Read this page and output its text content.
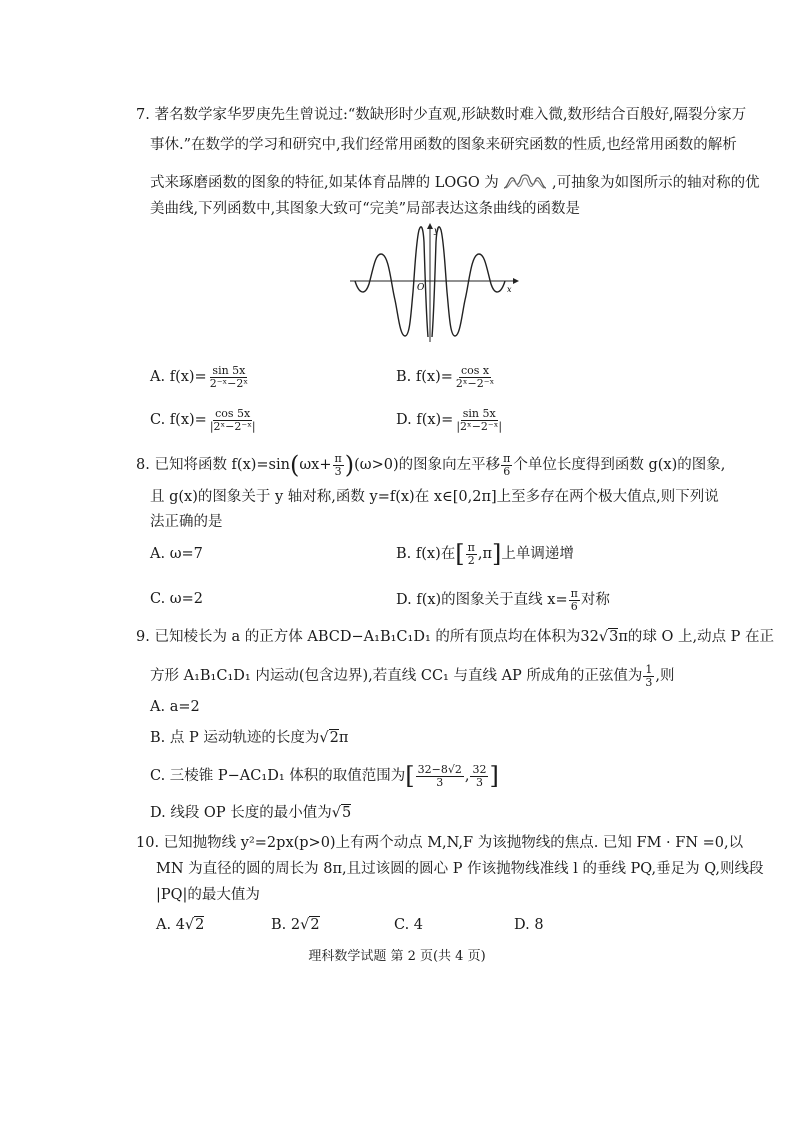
7. 著名数学家华罗庚先生曾说过:“数缺形时少直观,形缺数时难入微,数形结合百般好,隔裂分家万
事休.”在数学的学习和研究中,我们经常用函数的图象来研究函数的性质,也经常用函数的解析
式来琢磨函数的图象的特征,如某体育品牌的 LOGO 为	,可抽象为如图所示的轴对称的优
美曲线,下列函数中,其图象大致可“完美”局部表达这条曲线的函数是
x
y
O
A. $f(x)= \frac{\sin 5x}{\text{2⁻ˣ−2ˣ}}$	B. $f(x)= \frac{\text{cos x}}{\text{2ˣ−2⁻ˣ}}$
C. $f(x)= \frac{\cos 5x}{\text{|2ˣ−2⁻ˣ|}}$	D. $f(x)= \frac{\sin 5x}{\text{|2ˣ−2⁻ˣ|}}$
8. 已知将函数 $f(x)=\sin(\omega x+ \frac{\pi}{3} )(\omega>0)$的图象向左平移 $\frac{\pi}{6}$ 个单位长度得到函数 g(x)的图象,
且 g(x)的图象关于 y 轴对称,函数 y=f(x)在 x∈[0,2π]上至多存在两个极大值点,则下列说
法正确的是
A. ω=7	B. f(x)在[ $\frac{\pi}{2} ,\pi$]上单调递增
C. ω=2	D. f(x)的图象关于直线 $x= \frac{\pi}{6}$ 对称
9. 已知棱长为 a 的正方体 ABCD−A₁B₁C₁D₁ 的所有顶点均在体积为32√3π的球 O 上,动点 P 在正
方形 A₁B₁C₁D₁ 内运动(包含边界),若直线 CC₁ 与直线 AP 所成角的正弦值为 $\frac{1}{3}$ ,则
A. a=2
B. 点 P 运动轨迹的长度为√2π
C. 三棱锥 P−AC₁D₁ 体积的取值范围为[ $\frac{32-8√2}{3}$ , $\frac{32}{3}$ ]
D. 线段 OP 长度的最小值为√5
10. 已知抛物线 y²=2px(p>0)上有两个动点 M,N,F 为该抛物线的焦点. 已知 FM · FN =0,以
MN 为直径的圆的周长为 8π,且过该圆的圆心 P 作该抛物线准线 l 的垂线 PQ,垂足为 Q,则线段
|PQ|的最大值为
A. 4√2	B. 2√2	C. 4	D. 8
理科数学试题 第 2 页(共 4 页)
